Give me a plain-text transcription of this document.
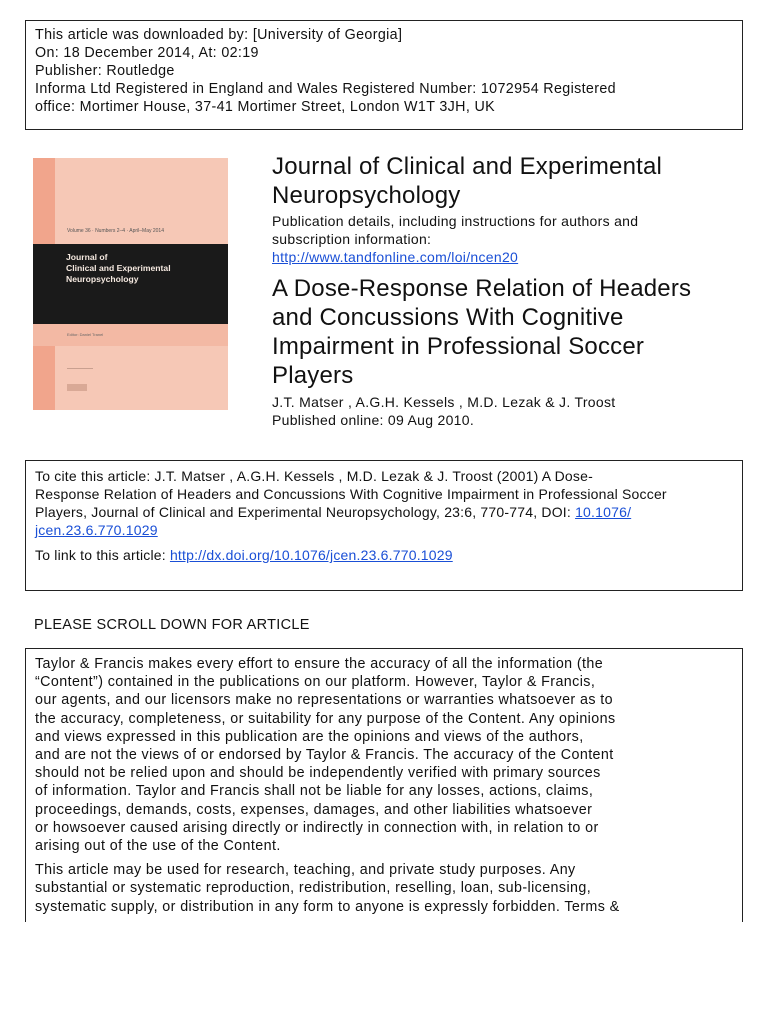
This article was downloaded by: [University of Georgia]
On: 18 December 2014, At: 02:19
Publisher: Routledge
Informa Ltd Registered in England and Wales Registered Number: 1072954 Registered
office: Mortimer House, 37-41 Mortimer Street, London W1T 3JH, UK
Volume 36 · Numbers 2–4 · April–May 2014
Journal of
Clinical and Experimental
Neuropsychology
Editor: Daniel Tranel
Journal of Clinical and Experimental
Neuropsychology
Publication details, including instructions for authors and
subscription information:
http://www.tandfonline.com/loi/ncen20
A Dose-Response Relation of Headers
and Concussions With Cognitive
Impairment in Professional Soccer
Players
J.T. Matser , A.G.H. Kessels , M.D. Lezak & J. Troost
Published online: 09 Aug 2010.
To cite this article: J.T. Matser , A.G.H. Kessels , M.D. Lezak & J. Troost (2001) A Dose-
Response Relation of Headers and Concussions With Cognitive Impairment in Professional Soccer
Players, Journal of Clinical and Experimental Neuropsychology, 23:6, 770-774, DOI: 10.1076/
jcen.23.6.770.1029
To link to this article: http://dx.doi.org/10.1076/jcen.23.6.770.1029
PLEASE SCROLL DOWN FOR ARTICLE

Taylor & Francis makes every effort to ensure the accuracy of all the information (the
“Content”) contained in the publications on our platform. However, Taylor & Francis,
our agents, and our licensors make no representations or warranties whatsoever as to
the accuracy, completeness, or suitability for any purpose of the Content. Any opinions
and views expressed in this publication are the opinions and views of the authors,
and are not the views of or endorsed by Taylor & Francis. The accuracy of the Content
should not be relied upon and should be independently verified with primary sources
of information. Taylor and Francis shall not be liable for any losses, actions, claims,
proceedings, demands, costs, expenses, damages, and other liabilities whatsoever
or howsoever caused arising directly or indirectly in connection with, in relation to or
arising out of the use of the Content.

This article may be used for research, teaching, and private study purposes. Any
substantial or systematic reproduction, redistribution, reselling, loan, sub-licensing,
systematic supply, or distribution in any form to anyone is expressly forbidden. Terms &
